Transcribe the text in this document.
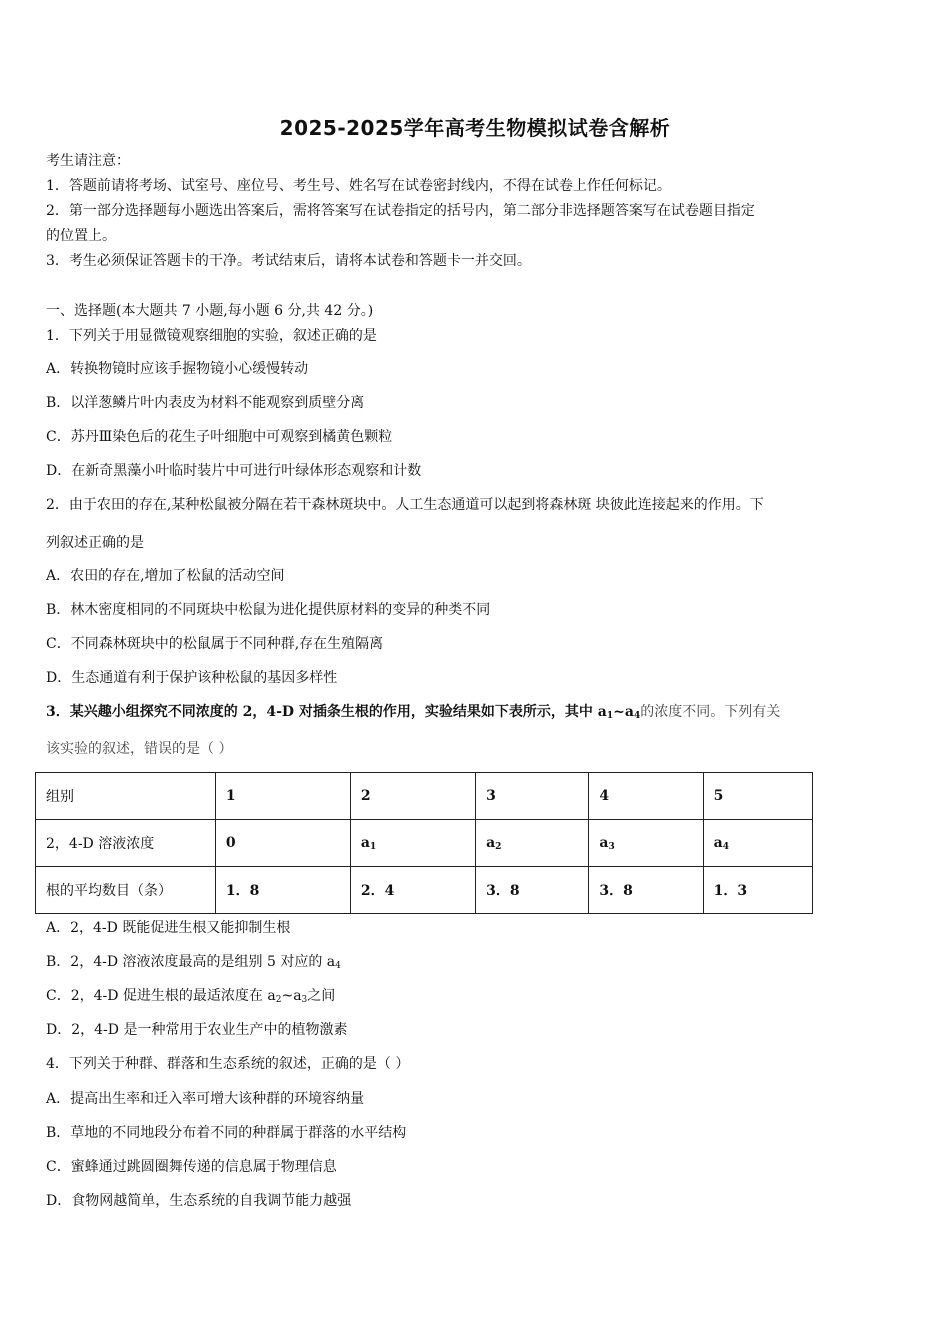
2025-2025学年高考生物模拟试卷含解析
考生请注意：
1．答题前请将考场、试室号、座位号、考生号、姓名写在试卷密封线内，不得在试卷上作任何标记。
2．第一部分选择题每小题选出答案后，需将答案写在试卷指定的括号内，第二部分非选择题答案写在试卷题目指定
的位置上。
3．考生必须保证答题卡的干净。考试结束后，请将本试卷和答题卡一并交回。
一、选择题(本大题共 7 小题,每小题 6 分,共 42 分。)
1．下列关于用显微镜观察细胞的实验，叙述正确的是
A．转换物镜时应该手握物镜小心缓慢转动
B．以洋葱鳞片叶内表皮为材料不能观察到质壁分离
C．苏丹Ⅲ染色后的花生子叶细胞中可观察到橘黄色颗粒
D．在新奇黑藻小叶临时装片中可进行叶绿体形态观察和计数
2．由于农田的存在,某种松鼠被分隔在若干森林斑块中。人工生态通道可以起到将森林斑 块彼此连接起来的作用。下
列叙述正确的是
A．农田的存在,增加了松鼠的活动空间
B．林木密度相同的不同斑块中松鼠为进化提供原材料的变异的种类不同
C．不同森林斑块中的松鼠属于不同种群,存在生殖隔离
D．生态通道有利于保护该种松鼠的基因多样性
3．某兴趣小组探究不同浓度的 2，4-D 对插条生根的作用，实验结果如下表所示，其中 $a_1\sim a_4$的浓度不同。下列有关
该实验的叙述，错误的是（ ）
组别	1	2	3	4	5
2，4-D 溶液浓度	0	$a_1$	$a_2$	$a_3$	$a_4$
根的平均数目（条）	1．8	2．4	3．8	3．8	1．3
A．2，4-D 既能促进生根又能抑制生根
B．2，4-D 溶液浓度最高的是组别 5 对应的 $a_4$
C．2，4-D 促进生根的最适浓度在 $a_2\sim a_3$之间
D．2，4-D 是一种常用于农业生产中的植物激素
4．下列关于种群、群落和生态系统的叙述，正确的是（ ）
A．提高出生率和迁入率可增大该种群的环境容纳量
B．草地的不同地段分布着不同的种群属于群落的水平结构
C．蜜蜂通过跳圆圈舞传递的信息属于物理信息
D．食物网越简单，生态系统的自我调节能力越强
